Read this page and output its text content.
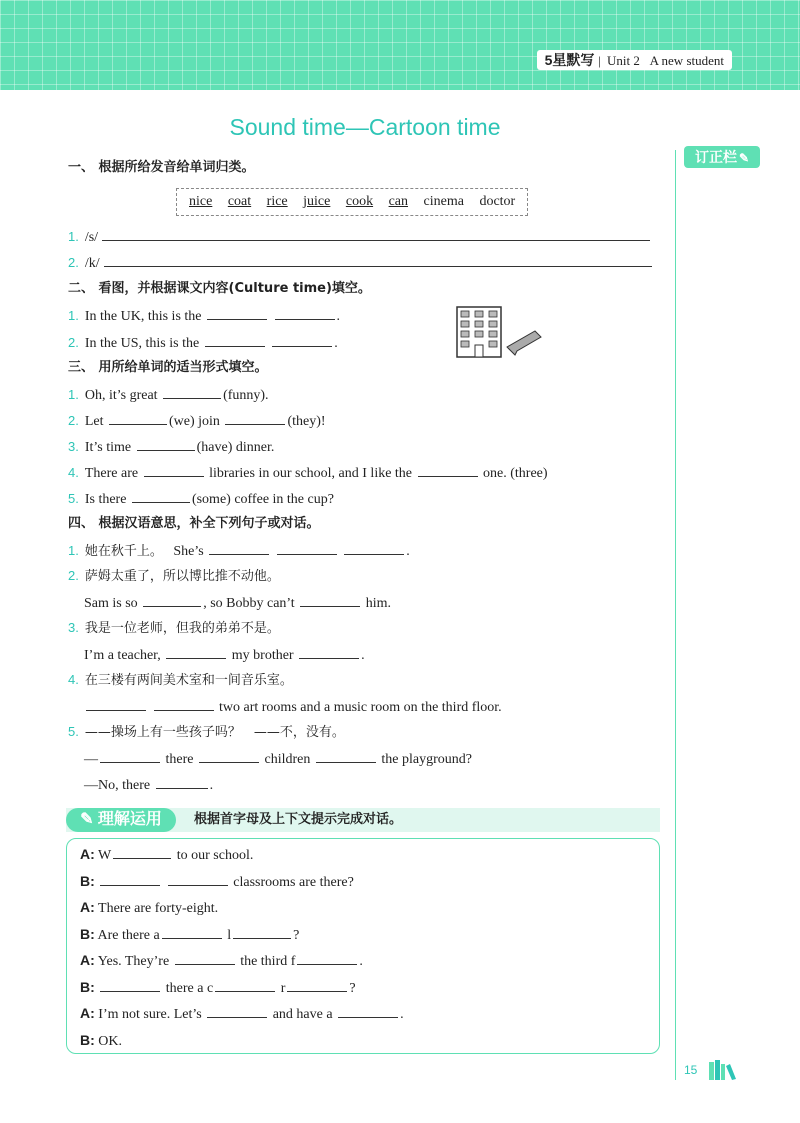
5星默写 | Unit 2 A new student
订正栏 ✎
Sound time—Cartoon time
一、 根据所给发音给单词归类。
nice coat rice juice cook can cinema doctor
1. /s/
2. /k/
二、 看图，并根据课文内容(Culture time)填空。
1. In the UK, this is the	.
2. In the US, this is the	.
三、 用所给单词的适当形式填空。
1. Oh, it’s great	(funny).
2. Let	(we) join	(they)!
3. It’s time	(have) dinner.
4. There are	libraries in our school, and I like the	one. (three)
5. Is there	(some) coffee in the cup?
四、 根据汉语意思，补全下列句子或对话。
1. 她在秋千上。 She’s	.
2. 萨姆太重了，所以博比推不动他。
Sam is so	, so Bobby can’t	him.
3. 我是一位老师，但我的弟弟不是。
I’m a teacher,	my brother	.
4. 在三楼有两间美术室和一间音乐室。
two art rooms and a music room on the third floor.
5. ——操场上有一些孩子吗？　——不，没有。
—	there	children	the playground?
—No, there	.
✎ 理解运用	根据首字母及上下文提示完成对话。
A: W	to our school.
B:	classrooms are there?
A: There are forty-eight.
B: Are there a	l	?
A: Yes. They’re	the third f	.
B:	there a c	r	?
A: I’m not sure. Let’s	and have a	.
B: OK.
15
